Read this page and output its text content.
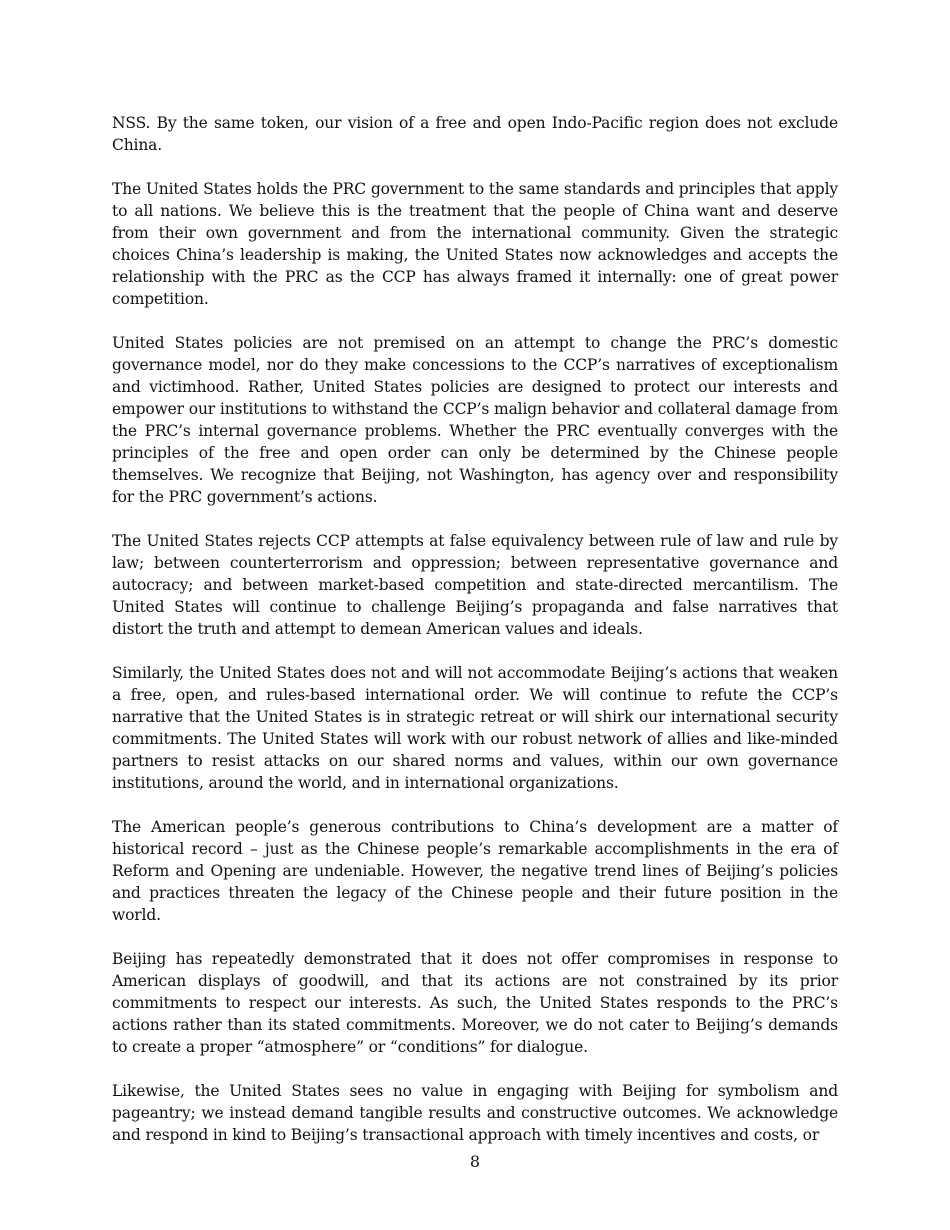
NSS. By the same token, our vision of a free and open Indo-Pacific region does not exclude China.

The United States holds the PRC government to the same standards and principles that apply to all nations. We believe this is the treatment that the people of China want and deserve from their own government and from the international community. Given the strategic choices China’s leadership is making, the United States now acknowledges and accepts the relationship with the PRC as the CCP has always framed it internally: one of great power competition.

United States policies are not premised on an attempt to change the PRC’s domestic governance model, nor do they make concessions to the CCP’s narratives of exceptionalism and victimhood. Rather, United States policies are designed to protect our interests and empower our institutions to withstand the CCP’s malign behavior and collateral damage from the PRC’s internal governance problems. Whether the PRC eventually converges with the principles of the free and open order can only be determined by the Chinese people themselves. We recognize that Beijing, not Washington, has agency over and responsibility for the PRC government’s actions.

The United States rejects CCP attempts at false equivalency between rule of law and rule by law; between counterterrorism and oppression; between representative governance and autocracy; and between market-based competition and state-directed mercantilism. The United States will continue to challenge Beijing’s propaganda and false narratives that distort the truth and attempt to demean American values and ideals.

Similarly, the United States does not and will not accommodate Beijing’s actions that weaken a free, open, and rules-based international order. We will continue to refute the CCP’s narrative that the United States is in strategic retreat or will shirk our international security commitments. The United States will work with our robust network of allies and like-minded partners to resist attacks on our shared norms and values, within our own governance institutions, around the world, and in international organizations.

The American people’s generous contributions to China’s development are a matter of historical record – just as the Chinese people’s remarkable accomplishments in the era of Reform and Opening are undeniable. However, the negative trend lines of Beijing’s policies and practices threaten the legacy of the Chinese people and their future position in the world.

Beijing has repeatedly demonstrated that it does not offer compromises in response to American displays of goodwill, and that its actions are not constrained by its prior commitments to respect our interests. As such, the United States responds to the PRC’s actions rather than its stated commitments. Moreover, we do not cater to Beijing’s demands to create a proper “atmosphere” or “conditions” for dialogue.

Likewise, the United States sees no value in engaging with Beijing for symbolism and pageantry; we instead demand tangible results and constructive outcomes. We acknowledge and respond in kind to Beijing’s transactional approach with timely incentives and costs, or

8
